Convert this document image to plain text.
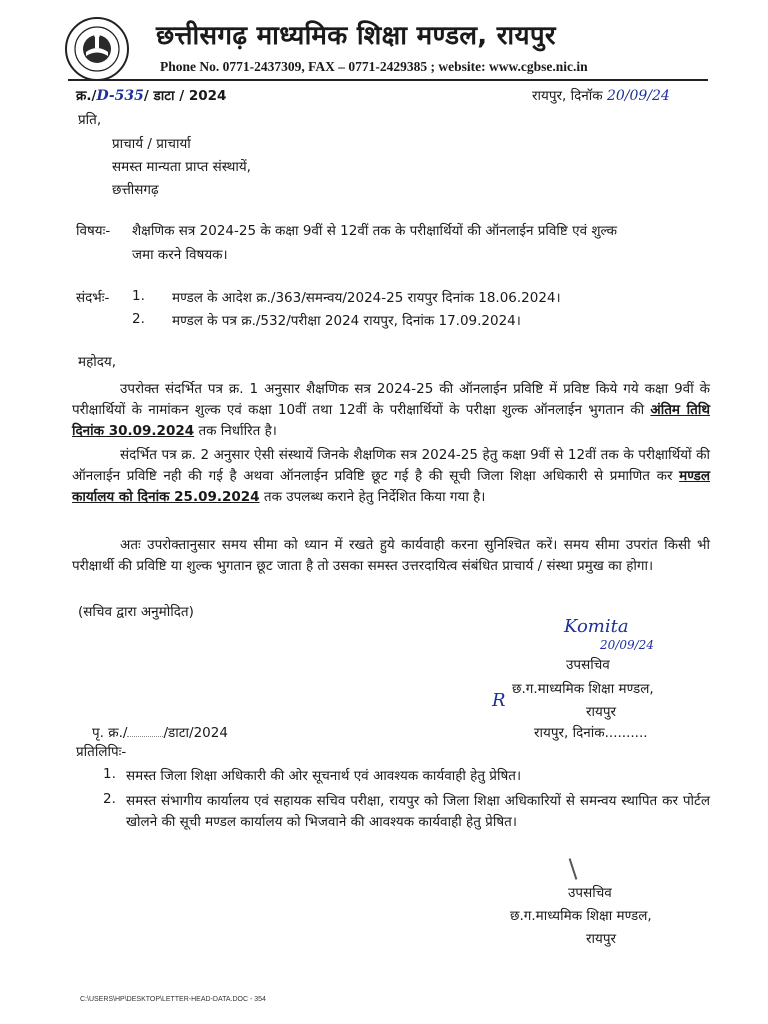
छत्तीसगढ़ माध्यमिक शिक्षा मण्डल, रायपुर
Phone No. 0771-2437309, FAX – 0771-2429385 ; website: www.cgbse.nic.in
क्र./D-535/ डाटा / 2024	रायपुर, दिनॉक 20/09/24
प्रति,
प्राचार्य / प्राचार्या
समस्त मान्यता प्राप्त संस्थायें,
छत्तीसगढ़
विषयः- शैक्षणिक सत्र 2024-25 के कक्षा 9वीं से 12वीं तक के परीक्षार्थियों की ऑनलाईन प्रविष्टि एवं शुल्क
जमा करने विषयक।
संदर्भः- 1. मण्डल के आदेश क्र./363/समन्वय/2024-25 रायपुर दिनांक 18.06.2024।
2. मण्डल के पत्र क्र./532/परीक्षा 2024 रायपुर, दिनांक 17.09.2024।
महोदय,
उपरोक्त संदर्भित पत्र क्र. 1 अनुसार शैक्षणिक सत्र 2024-25 की ऑनलाईन प्रविष्टि में प्रविष्ट किये गये कक्षा 9वीं के परीक्षार्थियों के नामांकन शुल्क एवं कक्षा 10वीं तथा 12वीं के परीक्षार्थियों के परीक्षा शुल्क ऑनलाईन भुगतान की अंतिम तिथि दिनांक 30.09.2024 तक निर्धारित है।
संदर्भित पत्र क्र. 2 अनुसार ऐसी संस्थायें जिनके शैक्षणिक सत्र 2024-25 हेतु कक्षा 9वीं से 12वीं तक के परीक्षार्थियों की ऑनलाईन प्रविष्टि नही की गई है अथवा ऑनलाईन प्रविष्टि छूट गई है की सूची जिला शिक्षा अधिकारी से प्रमाणित कर मण्डल कार्यालय को दिनांक 25.09.2024 तक उपलब्ध कराने हेतु निर्देशित किया गया है।
अतः उपरोक्तानुसार समय सीमा को ध्यान में रखते हुये कार्यवाही करना सुनिश्चित करें। समय सीमा उपरांत किसी भी परीक्षार्थी की प्रविष्टि या शुल्क भुगतान छूट जाता है तो उसका समस्त उत्तरदायित्व संबंधित प्राचार्य / संस्था प्रमुख का होगा।
(सचिव द्वारा अनुमोदित)
Komita
20/09/24
उपसचिव
छ.ग.माध्यमिक शिक्षा मण्डल,
रायपुर
R
पृ. क्र./	/डाटा/2024	रायपुर, दिनांक..........
प्रतिलिपिः-
1. समस्त जिला शिक्षा अधिकारी की ओर सूचनार्थ एवं आवश्यक कार्यवाही हेतु प्रेषित।
2. समस्त संभागीय कार्यालय एवं सहायक सचिव परीक्षा, रायपुर को जिला शिक्षा अधिकारियों से समन्वय स्थापित कर पोर्टल खोलने की सूची मण्डल कार्यालय को भिजवाने की आवश्यक कार्यवाही हेतु प्रेषित।
उपसचिव
छ.ग.माध्यमिक शिक्षा मण्डल,
रायपुर
C:\USERS\HP\DESKTOP\LETTER-HEAD-DATA.DOC - 354
